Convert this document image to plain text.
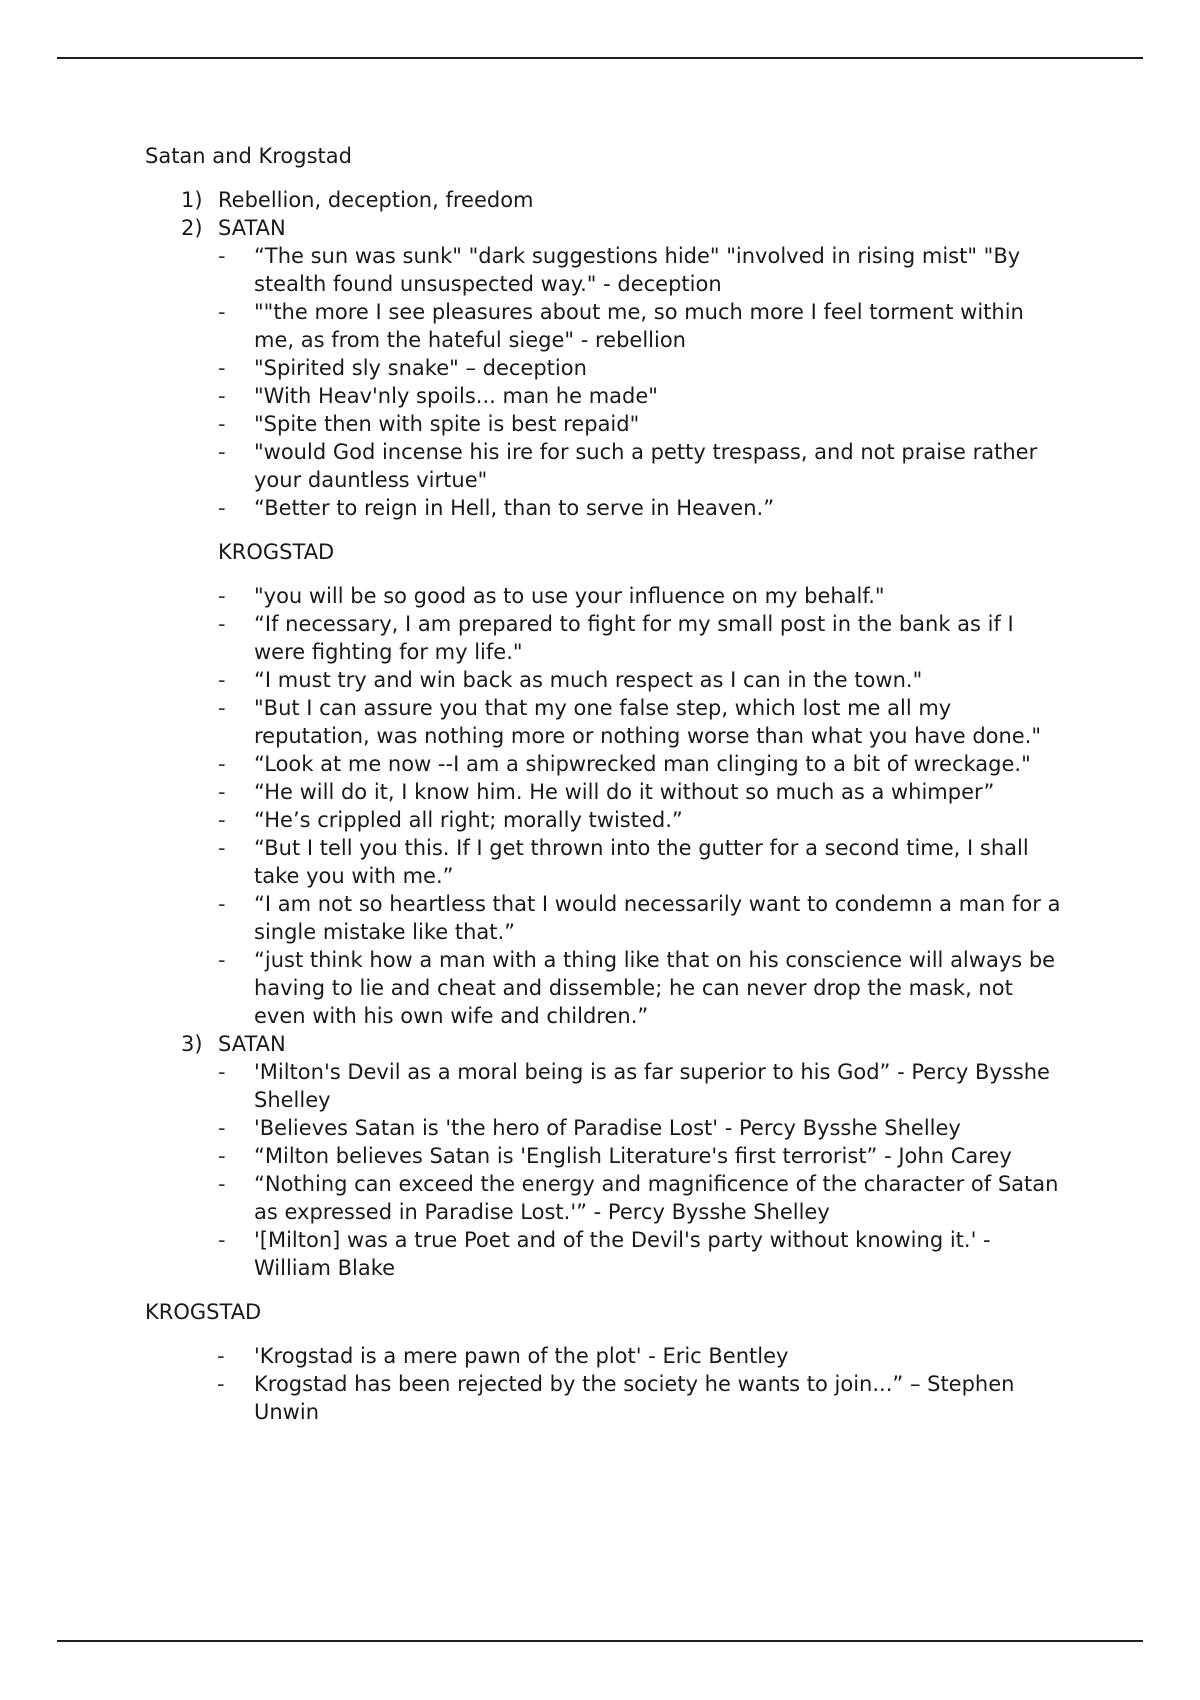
Satan and Krogstad
1) Rebellion, deception, freedom
2) SATAN
- “The sun was sunk" "dark suggestions hide" "involved in rising mist" "By stealth found unsuspected way." - deception
- ""the more I see pleasures about me, so much more I feel torment within me, as from the hateful siege" - rebellion
- "Spirited sly snake" – deception
- "With Heav'nly spoils... man he made"
- "Spite then with spite is best repaid"
- "would God incense his ire for such a petty trespass, and not praise rather your dauntless virtue"
- “Better to reign in Hell, than to serve in Heaven.”
KROGSTAD
- "you will be so good as to use your influence on my behalf."
- “If necessary, I am prepared to fight for my small post in the bank as if I were fighting for my life."
- “I must try and win back as much respect as I can in the town."
- "But I can assure you that my one false step, which lost me all my reputation, was nothing more or nothing worse than what you have done."
- “Look at me now --I am a shipwrecked man clinging to a bit of wreckage."
- “He will do it, I know him. He will do it without so much as a whimper”
- “He’s crippled all right; morally twisted.”
- “But I tell you this. If I get thrown into the gutter for a second time, I shall take you with me.”
- “I am not so heartless that I would necessarily want to condemn a man for a single mistake like that.”
- “just think how a man with a thing like that on his conscience will always be having to lie and cheat and dissemble; he can never drop the mask, not even with his own wife and children.”
3) SATAN
- 'Milton's Devil as a moral being is as far superior to his God” - Percy Bysshe Shelley
- 'Believes Satan is 'the hero of Paradise Lost' - Percy Bysshe Shelley
- “Milton believes Satan is 'English Literature's first terrorist” - John Carey
- “Nothing can exceed the energy and magnificence of the character of Satan as expressed in Paradise Lost.'” - Percy Bysshe Shelley
- '[Milton] was a true Poet and of the Devil's party without knowing it.' - William Blake
KROGSTAD
- 'Krogstad is a mere pawn of the plot' - Eric Bentley
- Krogstad has been rejected by the society he wants to join...” – Stephen Unwin
